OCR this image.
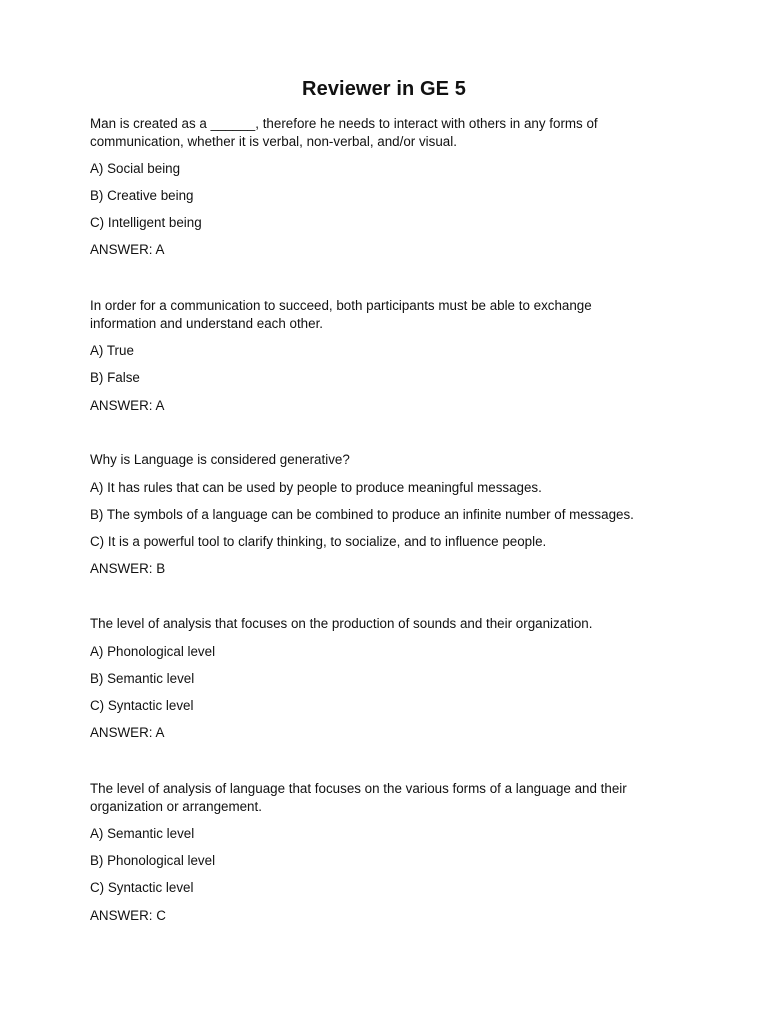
Reviewer in GE 5
Man is created as a ______, therefore he needs to interact with others in any forms of communication, whether it is verbal, non-verbal, and/or visual.
A) Social being
B) Creative being
C) Intelligent being
ANSWER: A
In order for a communication to succeed, both participants must be able to exchange information and understand each other.
A) True
B) False
ANSWER: A
Why is Language is considered generative?
A) It has rules that can be used by people to produce meaningful messages.
B) The symbols of a language can be combined to produce an infinite number of messages.
C) It is a powerful tool to clarify thinking, to socialize, and to influence people.
ANSWER: B
The level of analysis that focuses on the production of sounds and their organization.
A) Phonological level
B) Semantic level
C) Syntactic level
ANSWER: A
The level of analysis of language that focuses on the various forms of a language and their organization or arrangement.
A) Semantic level
B) Phonological level
C) Syntactic level
ANSWER: C
